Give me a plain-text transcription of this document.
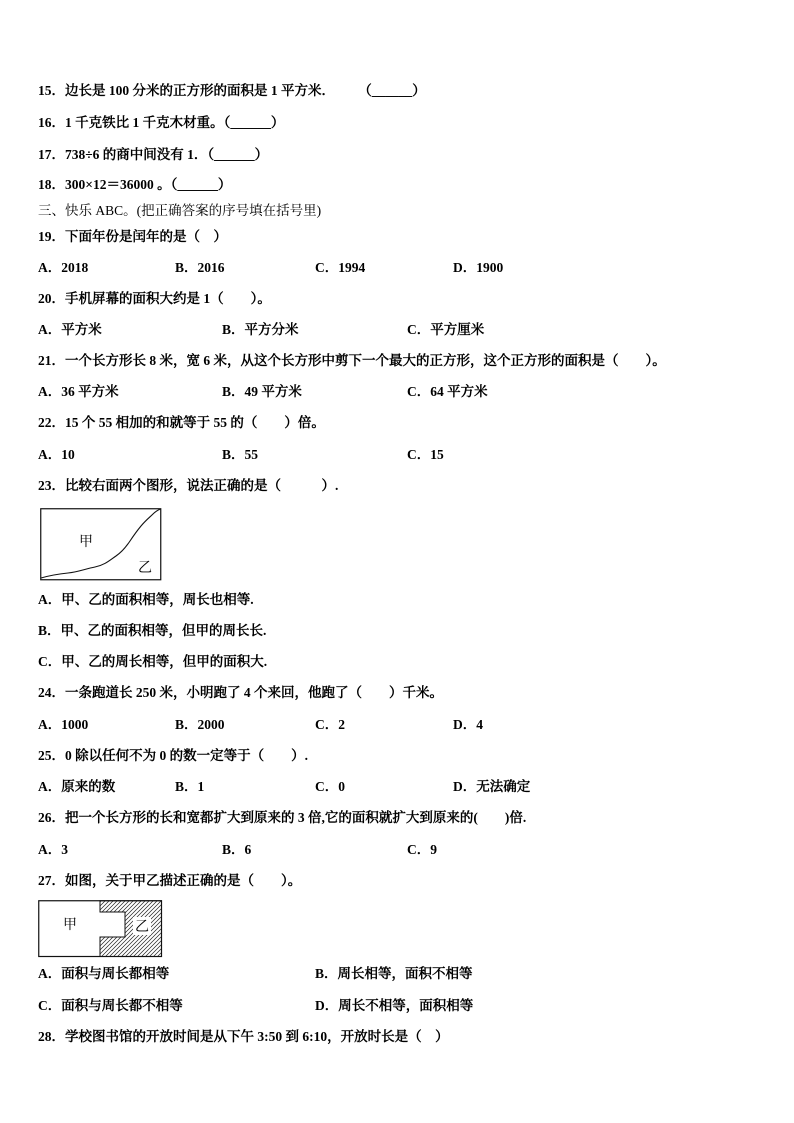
15．边长是 100 分米的正方形的面积是 1 平方米． （______）
16．1 千克铁比 1 千克木材重。（______）
17．738÷6 的商中间没有 1．（______）
18．300×12＝36000 。（______）
三、快乐 ABC。(把正确答案的序号填在括号里)
19．下面年份是闰年的是（　）
A．2018	B．2016	C．1994	D．1900
20．手机屏幕的面积大约是 1（　　）。
A．平方米	B．平方分米	C．平方厘米
21．一个长方形长 8 米，宽 6 米，从这个长方形中剪下一个最大的正方形，这个正方形的面积是（　　）。
A．36 平方米	B．49 平方米	C．64 平方米
22．15 个 55 相加的和就等于 55 的（　　）倍。
A．10	B．55	C．15
23．比较右面两个图形，说法正确的是（　　　）.
甲
乙
A．甲、乙的面积相等，周长也相等.
B．甲、乙的面积相等，但甲的周长长.
C．甲、乙的周长相等，但甲的面积大.
24．一条跑道长 250 米，小明跑了 4 个来回，他跑了（　　）千米。
A．1000	B．2000	C．2	D．4
25．0 除以任何不为 0 的数一定等于（　　）.
A．原来的数	B．1	C．0	D．无法确定
26．把一个长方形的长和宽都扩大到原来的 3 倍,它的面积就扩大到原来的(　　)倍.
A．3	B．6	C．9
27．如图，关于甲乙描述正确的是（　　）。
甲	乙
A．面积与周长都相等	B．周长相等，面积不相等
C．面积与周长都不相等	D．周长不相等，面积相等
28．学校图书馆的开放时间是从下午 3:50 到 6:10，开放时长是（　）
